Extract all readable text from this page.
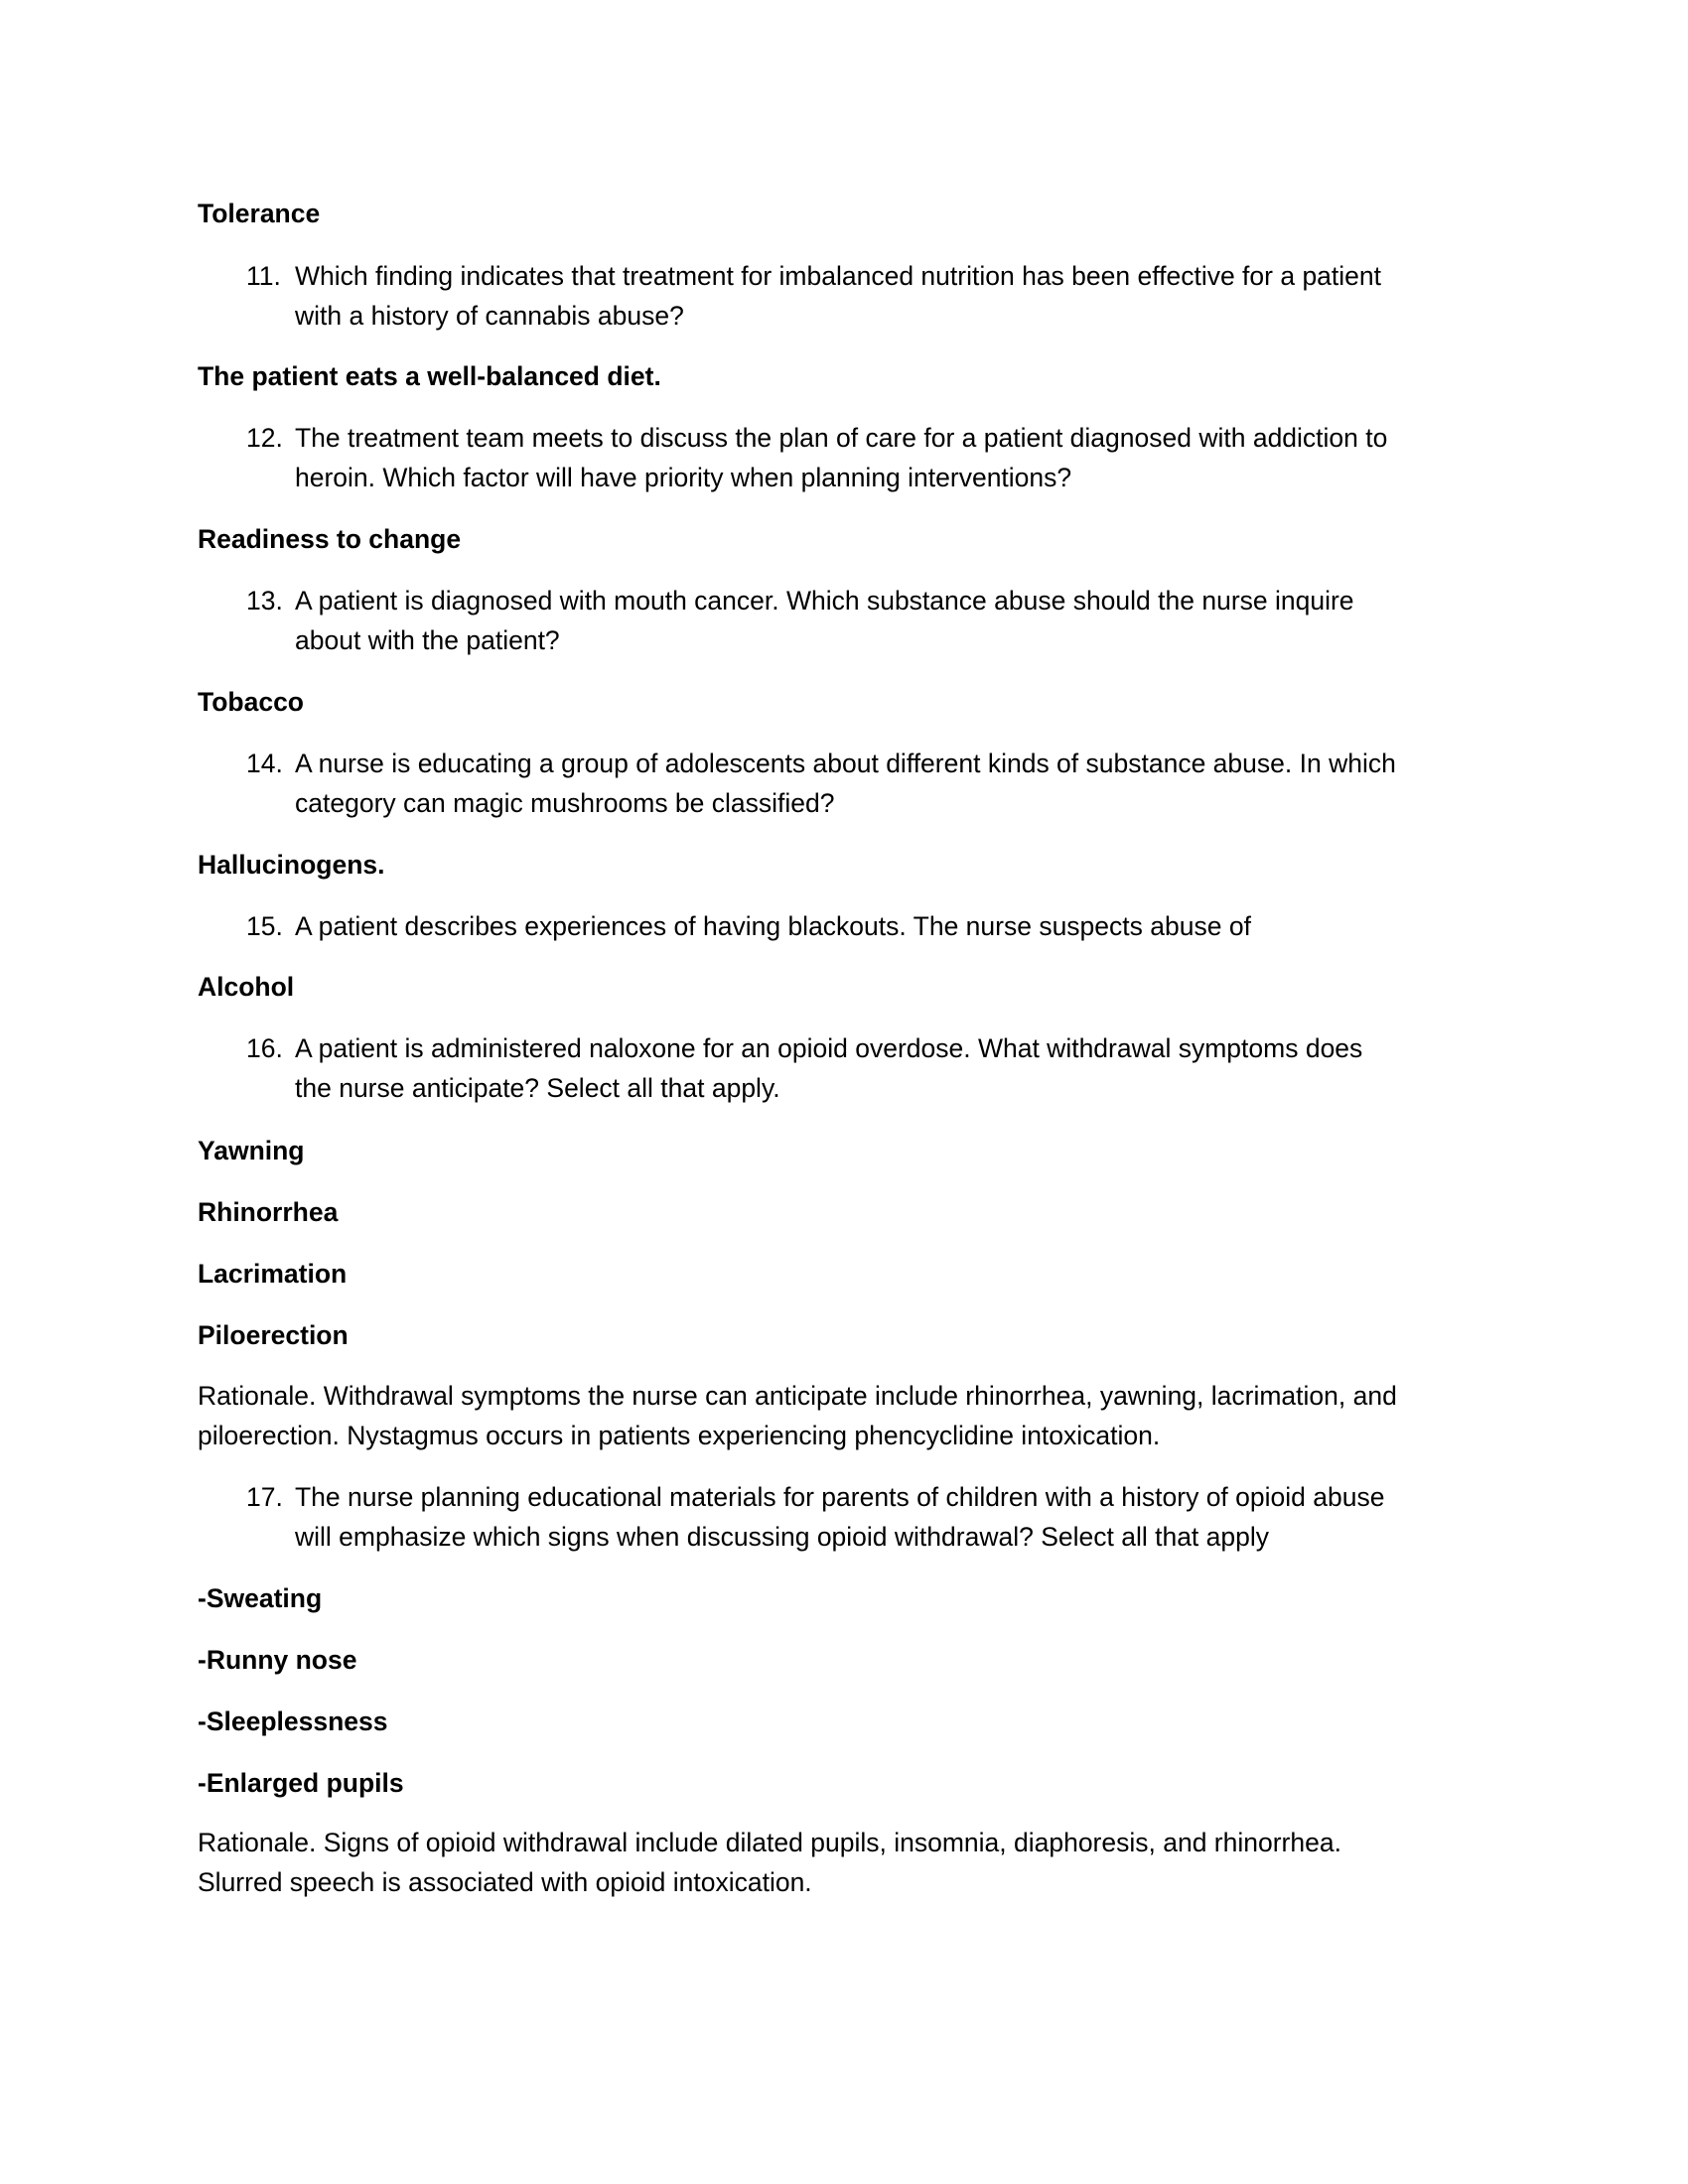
Tolerance
11. Which finding indicates that treatment for imbalanced nutrition has been effective for a patient
with a history of cannabis abuse?
The patient eats a well-balanced diet.
12. The treatment team meets to discuss the plan of care for a patient diagnosed with addiction to
heroin. Which factor will have priority when planning interventions?
Readiness to change
13. A patient is diagnosed with mouth cancer. Which substance abuse should the nurse inquire
about with the patient?
Tobacco
14. A nurse is educating a group of adolescents about different kinds of substance abuse. In which
category can magic mushrooms be classified?
Hallucinogens.
15. A patient describes experiences of having blackouts. The nurse suspects abuse of
Alcohol
16. A patient is administered naloxone for an opioid overdose. What withdrawal symptoms does
the nurse anticipate? Select all that apply.
Yawning
Rhinorrhea
Lacrimation
Piloerection
Rationale. Withdrawal symptoms the nurse can anticipate include rhinorrhea, yawning, lacrimation, and
piloerection. Nystagmus occurs in patients experiencing phencyclidine intoxication.
17. The nurse planning educational materials for parents of children with a history of opioid abuse
will emphasize which signs when discussing opioid withdrawal? Select all that apply
-Sweating
-Runny nose
-Sleeplessness
-Enlarged pupils
Rationale. Signs of opioid withdrawal include dilated pupils, insomnia, diaphoresis, and rhinorrhea.
Slurred speech is associated with opioid intoxication.
